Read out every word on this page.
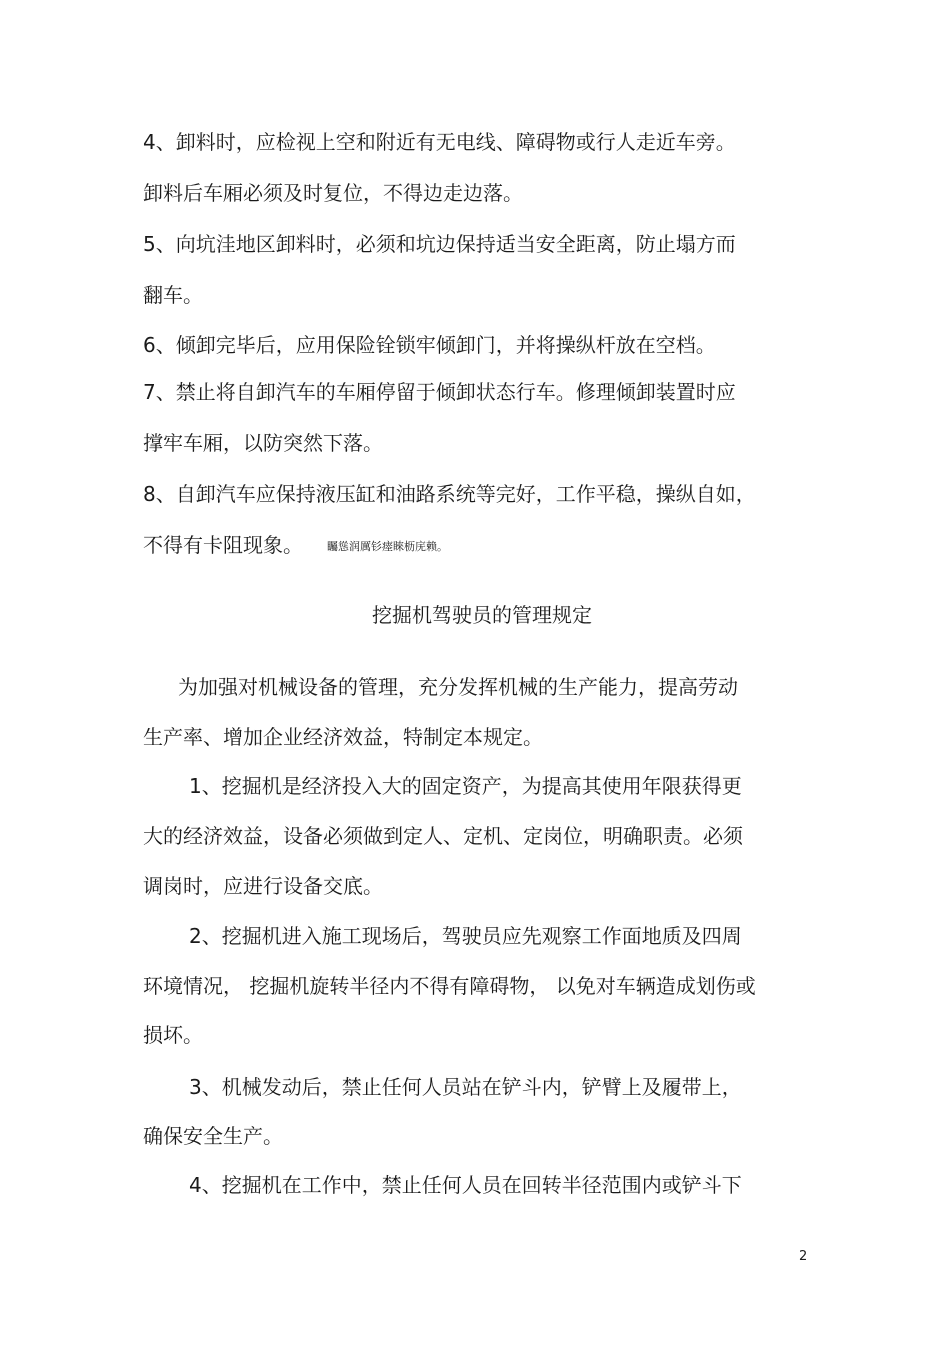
4、卸料时，应检视上空和附近有无电线、障碍物或行人走近车旁。
卸料后车厢必须及时复位，不得边走边落。
5、向坑洼地区卸料时，必须和坑边保持适当安全距离，防止塌方而
翻车。
6、倾卸完毕后，应用保险铨锁牢倾卸门，并将操纵杆放在空档。
7、禁止将自卸汽车的车厢停留于倾卸状态行车。修理倾卸装置时应
撑牢车厢，以防突然下落。
8、自卸汽车应保持液压缸和油路系统等完好，工作平稳，操纵自如，
不得有卡阻现象。 矚慫润厲钐瘗睞枥庑赖。
挖掘机驾驶员的管理规定
为加强对机械设备的管理，充分发挥机械的生产能力，提高劳动
生产率、增加企业经济效益，特制定本规定。
1、挖掘机是经济投入大的固定资产，为提高其使用年限获得更
大的经济效益，设备必须做到定人、定机、定岗位，明确职责。必须
调岗时，应进行设备交底。
2、挖掘机进入施工现场后，驾驶员应先观察工作面地质及四周
环境情况， 挖掘机旋转半径内不得有障碍物， 以免对车辆造成划伤或
损坏。
3、机械发动后，禁止任何人员站在铲斗内，铲臂上及履带上，
确保安全生产。
4、挖掘机在工作中，禁止任何人员在回转半径范围内或铲斗下
2
